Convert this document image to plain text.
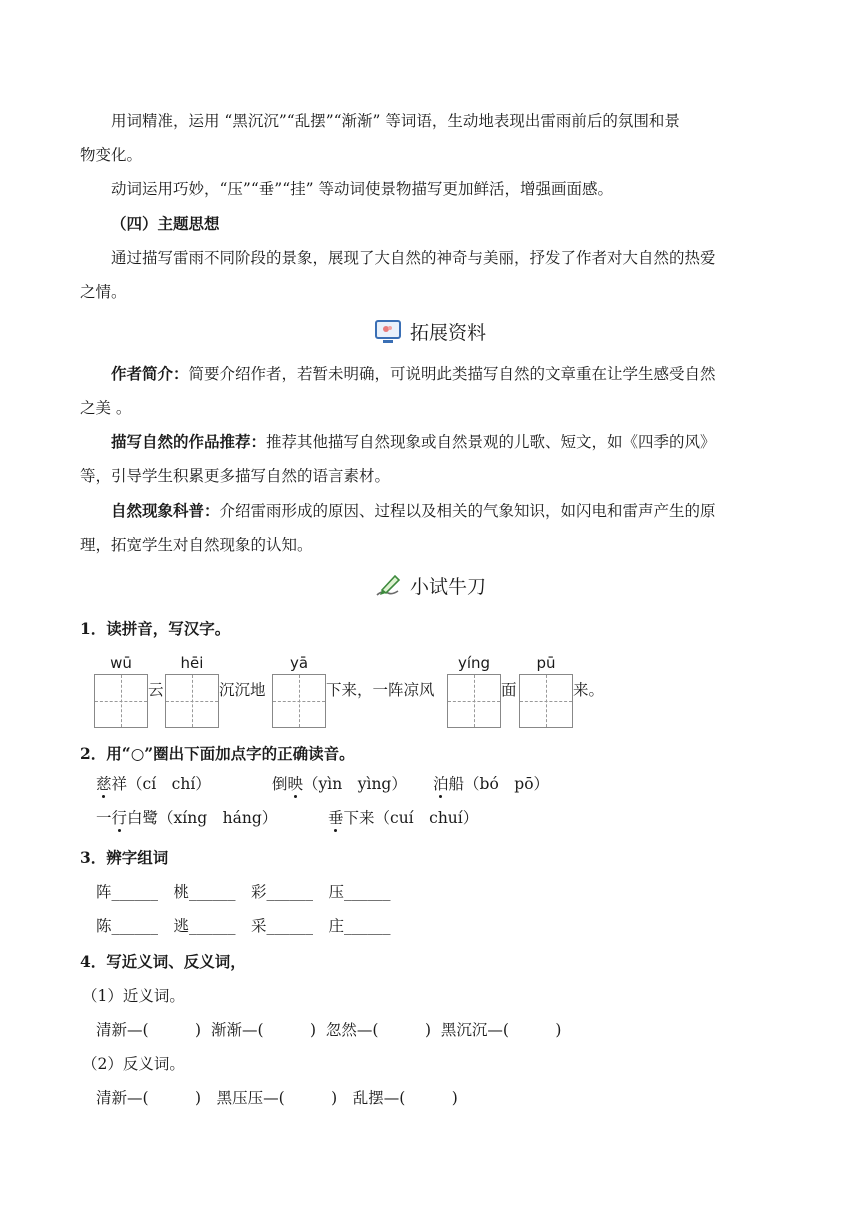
用词精准，运用 “黑沉沉”“乱摆”“渐渐” 等词语，生动地表现出雷雨前后的氛围和景
物变化。

动词运用巧妙，“压”“垂”“挂” 等动词使景物描写更加鲜活，增强画面感。

（四）主题思想

通过描写雷雨不同阶段的景象，展现了大自然的神奇与美丽，抒发了作者对大自然的热爱
之情。

拓展资料

作者简介：简要介绍作者，若暂未明确，可说明此类描写自然的文章重在让学生感受自然
之美 。

描写自然的作品推荐：推荐其他描写自然现象或自然景观的儿歌、短文，如《四季的风》
等，引导学生积累更多描写自然的语言素材。

自然现象科普：介绍雷雨形成的原因、过程以及相关的气象知识，如闪电和雷声产生的原
理，拓宽学生对自然现象的认知。

小试牛刀
1．读拼音，写汉字。
wū	hēi	yā	yíng	pū
云	沉沉地	下来，一阵凉风	面	来。
2．用“○”圈出下面加点字的正确读音。
慈祥（cí　chí）	倒映（yìn　yìng） 泊船（bó　pō）
一行白鹭（xíng　háng）	垂下来（cuí　chuí）
3．辨字组词
阵______　桃______　彩______　压______
陈______　逃______　采______　庄______
4．写近义词、反义词，
（1）近义词。
清新—(　　　)  渐渐—(　　　)  忽然—(　　　)  黑沉沉—(　　　)
（2）反义词。
清新—(　　　)　黑压压—(　　　)　乱摆—(　　　)
